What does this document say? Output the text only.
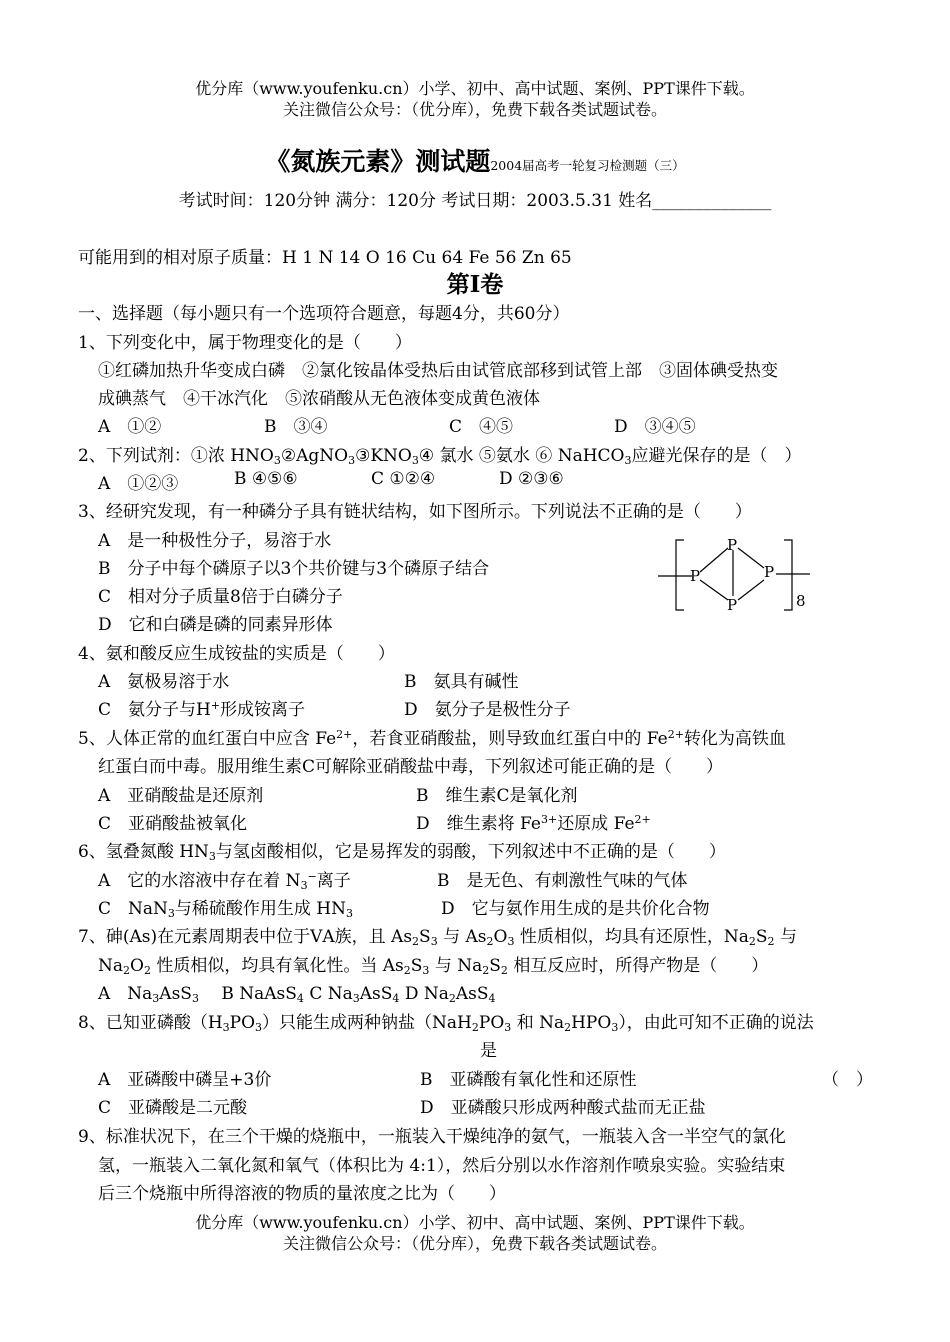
优分库（www.youfenku.cn）小学、初中、高中试题、案例、PPT课件下载。
关注微信公众号：（优分库），免费下载各类试题试卷。
《氮族元素》测试题2004届高考一轮复习检测题（三）
考试时间：120分钟 满分：120分 考试日期：2003.5.31 姓名______________
可能用到的相对原子质量：H 1 N 14 O 16 Cu 64 Fe 56 Zn 65
第Ⅰ卷
一、选择题（每小题只有一个选项符合题意，每题4分，共60分）
1、下列变化中，属于物理变化的是（　　）
①红磷加热升华变成白磷　②氯化铵晶体受热后由试管底部移到试管上部　③固体碘受热变
成碘蒸气　④干冰汽化　⑤浓硝酸从无色液体变成黄色液体
A　①②	B　③④	C　④⑤	D　③④⑤
2、下列试剂：①浓 $HNO_3②AgNO_3③KNO_3④$ 氯水 ⑤氨水 ⑥ NaHCO$_3$应避光保存的是（　）
A　①②③	B ④⑤⑥	C ①②④	D ②③⑥
3、经研究发现，有一种磷分子具有链状结构，如下图所示。下列说法不正确的是（　　）
A　是一种极性分子，易溶于水
B　分子中每个磷原子以3个共价键与3个磷原子结合
C　相对分子质量8倍于白磷分子
D　它和白磷是磷的同素异形体
P
P	P
P	8
4、氨和酸反应生成铵盐的实质是（　　）
A　氨极易溶于水	B　氨具有碱性
C　氨分子与H+形成铵离子	D　氨分子是极性分子
5、人体正常的血红蛋白中应含 $Fe^{2+}$，若食亚硝酸盐，则导致血红蛋白中的 $Fe^{2+}$转化为高铁血
红蛋白而中毒。服用维生素C可解除亚硝酸盐中毒，下列叙述可能正确的是（　　）
A　亚硝酸盐是还原剂	B　维生素C是氧化剂
C　亚硝酸盐被氧化	D　维生素将 $Fe^{3+}$还原成 $Fe^{2+}$
6、氢叠氮酸 $HN_3$与氢卤酸相似，它是易挥发的弱酸，下列叙述中不正确的是（　　）
A　它的水溶液中存在着 $N_3^-$离子	B　是无色、有刺激性气味的气体
C　NaN$_3$与稀硫酸作用生成 $HN_3$	D　它与氨作用生成的是共价化合物
7、砷(As)在元素周期表中位于ⅤA族，且 $As_2S_3$ 与 $As_2O_3$ 性质相似，均具有还原性，$Na_2S_2$ 与
$Na_2O_2$ 性质相似，均具有氧化性。当 $As_2S_3$ 与 $Na_2S_2$ 相互反应时，所得产物是（　　）
A　$Na_3AsS_3$　 B NaAsS$_4$ C $Na_3AsS_4$ D $Na_2AsS_4$
8、已知亚磷酸$(H_3PO_3)$只能生成两种钠盐（$NaH_2PO_3$ 和 $Na_2HPO_3$），由此可知不正确的说法
是
A　亚磷酸中磷呈+3价	B　亚磷酸有氧化性和还原性	（　）
C　亚磷酸是二元酸	D　亚磷酸只形成两种酸式盐而无正盐
9、标准状况下，在三个干燥的烧瓶中，一瓶装入干燥纯净的氨气，一瓶装入含一半空气的氯化
氢，一瓶装入二氧化氮和氧气（体积比为 4:1），然后分别以水作溶剂作喷泉实验。实验结束
后三个烧瓶中所得溶液的物质的量浓度之比为（　　）
优分库（www.youfenku.cn）小学、初中、高中试题、案例、PPT课件下载。
关注微信公众号：（优分库），免费下载各类试题试卷。
